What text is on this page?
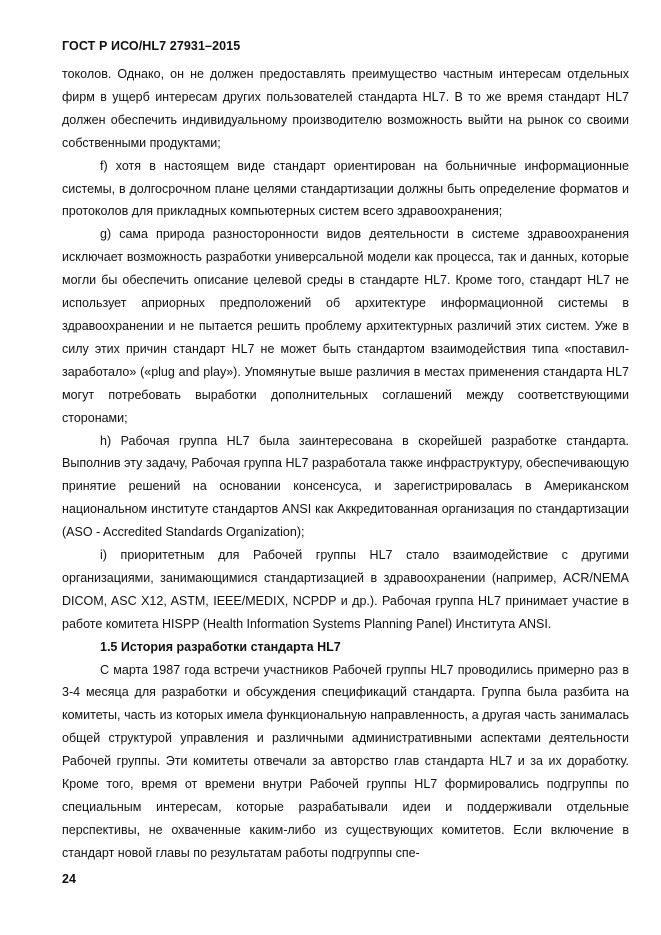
ГОСТ Р ИСО/HL7 27931–2015

токолов. Однако, он не должен предоставлять преимущество частным интересам отдельных фирм в ущерб интересам других пользователей стандарта HL7. В то же время стандарт HL7 должен обеспечить индивидуальному производителю возможность выйти на рынок со своими собственными продуктами;

f) хотя в настоящем виде стандарт ориентирован на больничные информационные системы, в долгосрочном плане целями стандартизации должны быть определение форматов и протоколов для прикладных компьютерных систем всего здравоохранения;

g) сама природа разносторонности видов деятельности в системе здравоохранения исключает возможность разработки универсальной модели как процесса, так и данных, которые могли бы обеспечить описание целевой среды в стандарте HL7. Кроме того, стандарт HL7 не использует априорных предположений об архитектуре информационной системы в здравоохранении и не пытается решить проблему архитектурных различий этих систем. Уже в силу этих причин стандарт HL7 не может быть стандартом взаимодействия типа «поставил-заработало» («plug and play»). Упомянутые выше различия в местах применения стандарта HL7 могут потребовать выработки дополнительных соглашений между соответствующими сторонами;

h) Рабочая группа HL7 была заинтересована в скорейшей разработке стандарта. Выполнив эту задачу, Рабочая группа HL7 разработала также инфраструктуру, обеспечивающую принятие решений на основании консенсуса, и зарегистрировалась в Американском национальном институте стандартов ANSI как Аккредитованная организация по стандартизации (ASO - Accredited Standards Organization);

i) приоритетным для Рабочей группы HL7 стало взаимодействие с другими организациями, занимающимися стандартизацией в здравоохранении (например, ACR/NEMA DICOM, ASC X12, ASTM, IEEE/MEDIX, NCPDP и др.). Рабочая группа HL7 принимает участие в работе комитета HISPP (Health Information Systems Planning Panel) Института ANSI.

1.5 История разработки стандарта HL7

С марта 1987 года встречи участников Рабочей группы HL7 проводились примерно раз в 3-4 месяца для разработки и обсуждения спецификаций стандарта. Группа была разбита на комитеты, часть из которых имела функциональную направленность, а другая часть занималась общей структурой управления и различными административными аспектами деятельности Рабочей группы. Эти комитеты отвечали за авторство глав стандарта HL7 и за их доработку. Кроме того, время от времени внутри Рабочей группы HL7 формировались подгруппы по специальным интересам, которые разрабатывали идеи и поддерживали отдельные перспективы, не охваченные каким-либо из существующих комитетов. Если включение в стандарт новой главы по результатам работы подгруппы спе-

24
